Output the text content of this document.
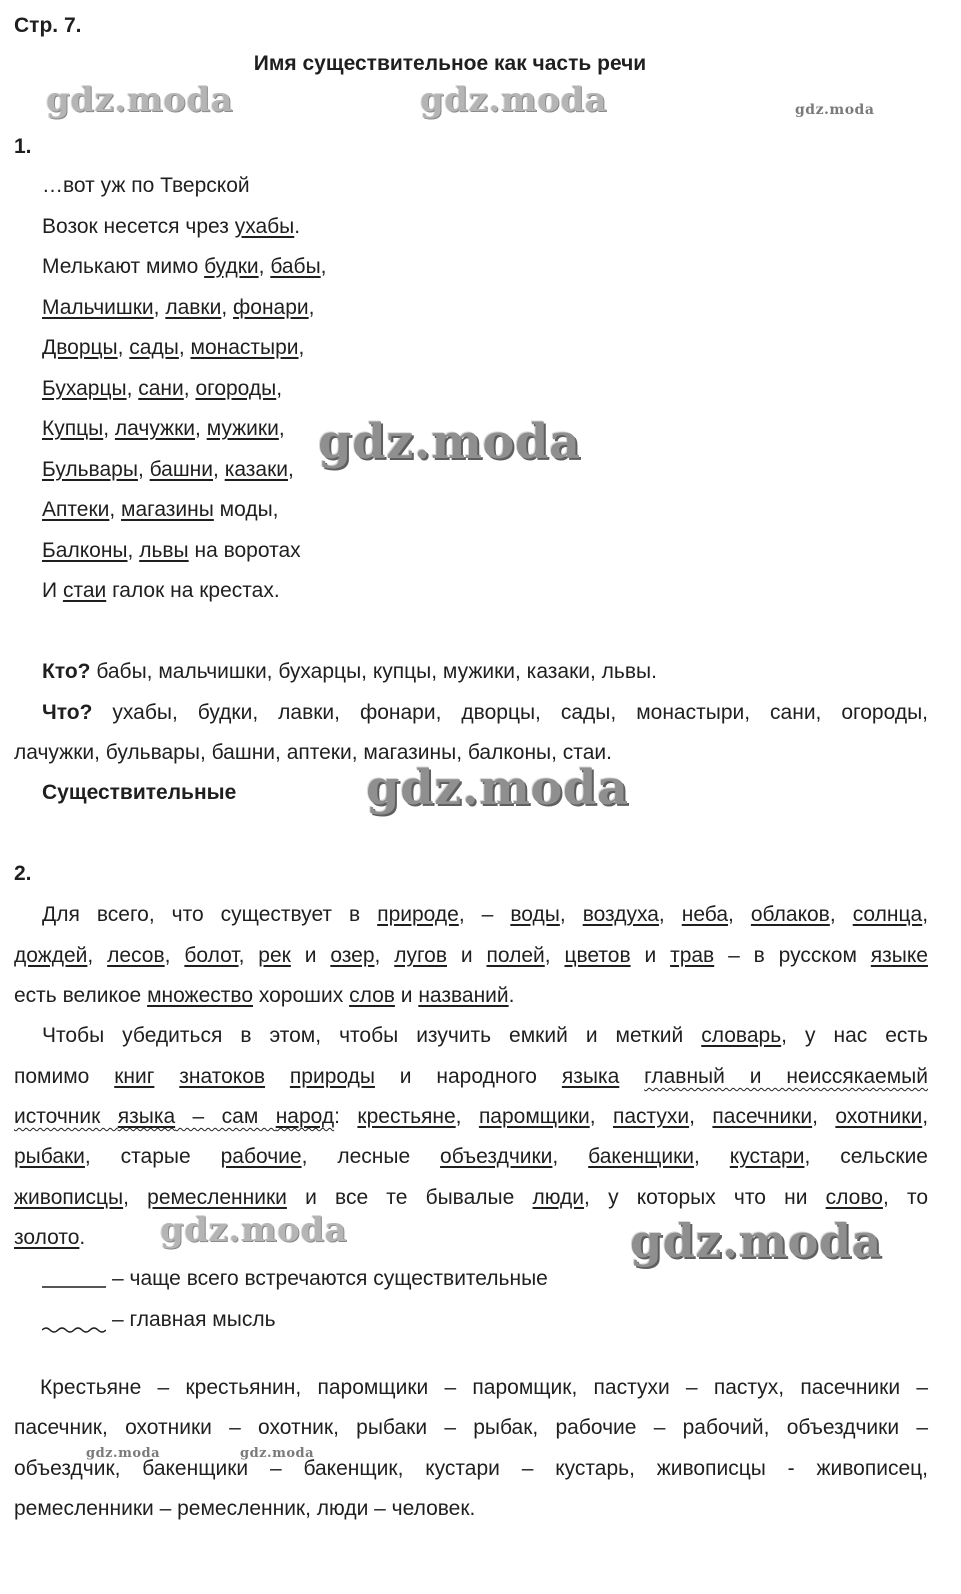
Стр. 7.
Имя существительное как часть речи
gdz.moda	gdz.moda	gdz.moda
gdz.moda
gdz.moda
gdz.moda	gdz.moda
gdz.moda	gdz.moda
1.
…вот уж по Тверской
Возок несется чрез ухабы.
Мелькают мимо будки, бабы,
Мальчишки, лавки, фонари,
Дворцы, сады, монастыри,
Бухарцы, сани, огороды,
Купцы, лачужки, мужики,
Бульвары, башни, казаки,
Аптеки, магазины моды,
Балконы, львы на воротах
И стаи галок на крестах.
Кто? бабы, мальчишки, бухарцы, купцы, мужики, казаки, львы.
Что? ухабы, будки, лавки, фонари, дворцы, сады, монастыри, сани, огороды,
лачужки, бульвары, башни, аптеки, магазины, балконы, стаи.
Существительные
2.
Для всего, что существует в природе, – воды, воздуха, неба, облаков, солнца,
дождей, лесов, болот, рек и озер, лугов и полей, цветов и трав – в русском языке
есть великое множество хороших слов и названий.
Чтобы убедиться в этом, чтобы изучить емкий и меткий словарь, у нас есть
помимо книг знатоков природы и народного языка главный и неиссякаемый
источник языка – сам народ: крестьяне, паромщики, пастухи, пасечники, охотники,
рыбаки, старые рабочие, лесные объездчики, бакенщики, кустари, сельские
живописцы, ремесленники и все те бывалые люди, у которых что ни слово, то
золото.
– чаще всего встречаются существительные
– главная мысль
Крестьяне – крестьянин, паромщики – паромщик, пастухи – пастух, пасечники –
пасечник, охотники – охотник, рыбаки – рыбак, рабочие – рабочий, объездчики –
объездчик, бакенщики – бакенщик, кустари – кустарь, живописцы - живописец,
ремесленники – ремесленник, люди – человек.
